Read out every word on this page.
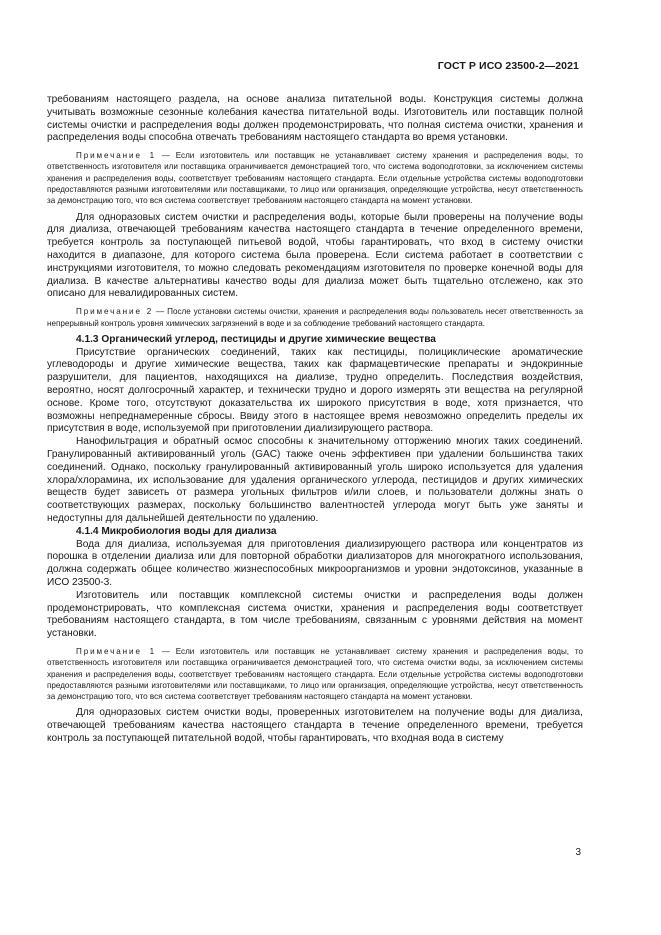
ГОСТ Р ИСО 23500-2—2021

требованиям настоящего раздела, на основе анализа питательной воды. Конструкция системы должна учитывать возможные сезонные колебания качества питательной воды. Изготовитель или поставщик полной системы очистки и распределения воды должен продемонстрировать, что полная система очистки, хранения и распределения воды способна отвечать требованиям настоящего стандарта во время установки.

Примечание 1 — Если изготовитель или поставщик не устанавливает систему хранения и распределения воды, то ответственность изготовителя или поставщика ограничивается демонстрацией того, что система водоподготовки, за исключением системы хранения и распределения воды, соответствует требованиям настоящего стандарта. Если отдельные устройства системы водоподготовки предоставляются разными изготовителями или поставщиками, то лицо или организация, определяющие устройства, несут ответственность за демонстрацию того, что вся система соответствует требованиям настоящего стандарта на момент установки.

Для одноразовых систем очистки и распределения воды, которые были проверены на получение воды для диализа, отвечающей требованиям качества настоящего стандарта в течение определенного времени, требуется контроль за поступающей питьевой водой, чтобы гарантировать, что вход в систему очистки находится в диапазоне, для которого система была проверена. Если система работает в соответствии с инструкциями изготовителя, то можно следовать рекомендациям изготовителя по проверке конечной воды для диализа. В качестве альтернативы качество воды для диализа может быть тщательно отслежено, как это описано для невалидированных систем.

Примечание 2 — После установки системы очистки, хранения и распределения воды пользователь несет ответственность за непрерывный контроль уровня химических загрязнений в воде и за соблюдение требований настоящего стандарта.

4.1.3 Органический углерод, пестициды и другие химические вещества

Присутствие органических соединений, таких как пестициды, полициклические ароматические углеводороды и другие химические вещества, таких как фармацевтические препараты и эндокринные разрушители, для пациентов, находящихся на диализе, трудно определить. Последствия воздействия, вероятно, носят долгосрочный характер, и технически трудно и дорого измерять эти вещества на регулярной основе. Кроме того, отсутствуют доказательства их широкого присутствия в воде, хотя признается, что возможны непреднамеренные сбросы. Ввиду этого в настоящее время невозможно определить пределы их присутствия в воде, используемой при приготовлении диализирующего раствора.

Нанофильтрация и обратный осмос способны к значительному отторжению многих таких соединений. Гранулированный активированный уголь (GAC) также очень эффективен при удалении большинства таких соединений. Однако, поскольку гранулированный активированный уголь широко используется для удаления хлора/хлорамина, их использование для удаления органического углерода, пестицидов и других химических веществ будет зависеть от размера угольных фильтров и/или слоев, и пользователи должны знать о соответствующих размерах, поскольку большинство валентностей углерода могут быть уже заняты и недоступны для дальнейшей деятельности по удалению.

4.1.4 Микробиология воды для диализа

Вода для диализа, используемая для приготовления диализирующего раствора или концентратов из порошка в отделении диализа или для повторной обработки диализаторов для многократного использования, должна содержать общее количество жизнеспособных микроорганизмов и уровни эндотоксинов, указанные в ИСО 23500-3.

Изготовитель или поставщик комплексной системы очистки и распределения воды должен продемонстрировать, что комплексная система очистки, хранения и распределения воды соответствует требованиям настоящего стандарта, в том числе требованиям, связанным с уровнями действия на момент установки.

Примечание 1 — Если изготовитель или поставщик не устанавливает систему хранения и распределения воды, то ответственность изготовителя или поставщика ограничивается демонстрацией того, что система очистки воды, за исключением системы хранения и распределения воды, соответствует требованиям настоящего стандарта. Если отдельные устройства системы водоподготовки предоставляются разными изготовителями или поставщиками, то лицо или организация, определяющие устройства, несут ответственность за демонстрацию того, что вся система соответствует требованиям настоящего стандарта на момент установки.

Для одноразовых систем очистки воды, проверенных изготовителем на получение воды для диализа, отвечающей требованиям качества настоящего стандарта в течение определенного времени, требуется контроль за поступающей питательной водой, чтобы гарантировать, что входная вода в систему

3
